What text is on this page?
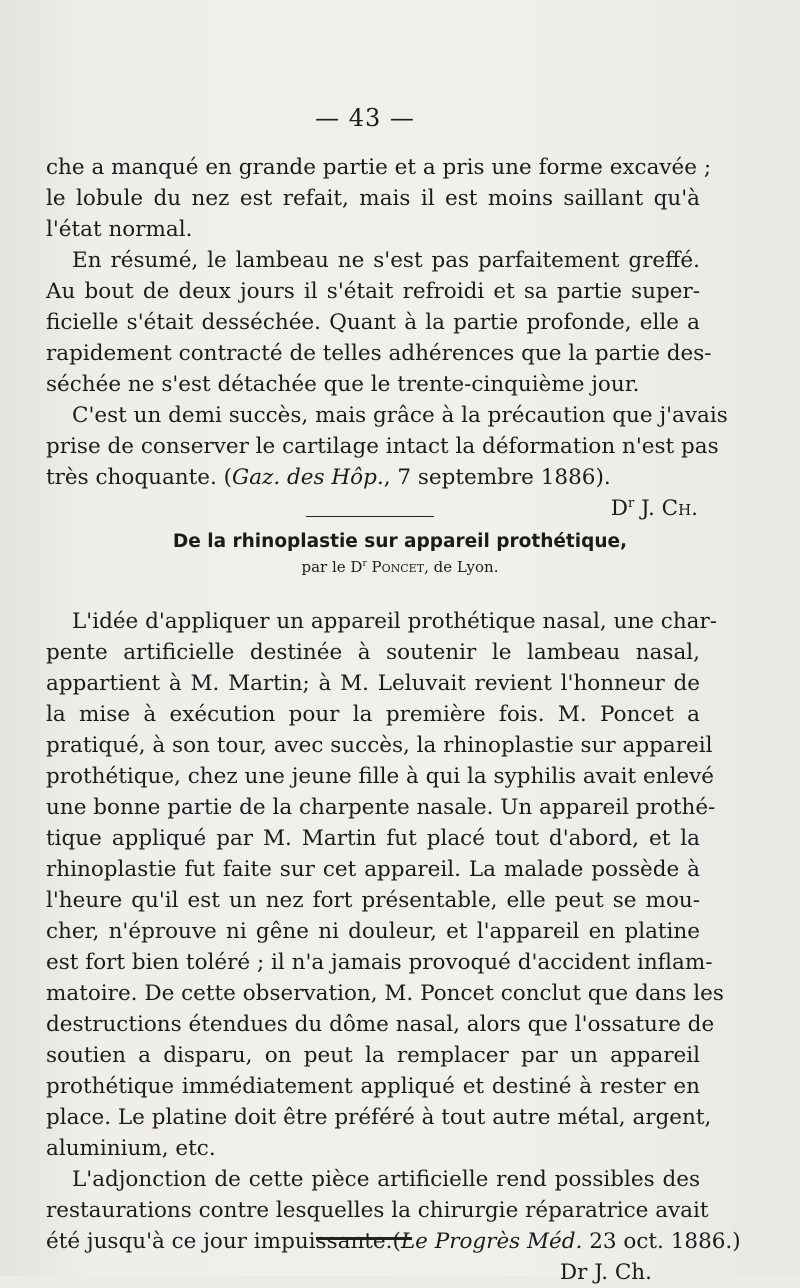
— 43 —
che a manqué en grande partie et a pris une forme excavée ;
le lobule du nez est refait, mais il est moins saillant qu'à
l'état normal.
En résumé, le lambeau ne s'est pas parfaitement greffé.
Au bout de deux jours il s'était refroidi et sa partie super-
ficielle s'était desséchée. Quant à la partie profonde, elle a
rapidement contracté de telles adhérences que la partie des-
séchée ne s'est détachée que le trente-cinquième jour.
C'est un demi succès, mais grâce à la précaution que j'avais
prise de conserver le cartilage intact la déformation n'est pas
très choquante. (Gaz. des Hôp., 7 septembre 1886).
$D^r$ J. Ch.
De la rhinoplastie sur appareil prothétique,
par le $D^r$ Poncet, de Lyon.
L'idée d'appliquer un appareil prothétique nasal, une char-
pente artificielle destinée à soutenir le lambeau nasal,
appartient à M. Martin; à M. Leluvait revient l'honneur de
la mise à exécution pour la première fois. M. Poncet a
pratiqué, à son tour, avec succès, la rhinoplastie sur appareil
prothétique, chez une jeune fille à qui la syphilis avait enlevé
une bonne partie de la charpente nasale. Un appareil prothé-
tique appliqué par M. Martin fut placé tout d'abord, et la
rhinoplastie fut faite sur cet appareil. La malade possède à
l'heure qu'il est un nez fort présentable, elle peut se mou-
cher, n'éprouve ni gêne ni douleur, et l'appareil en platine
est fort bien toléré ; il n'a jamais provoqué d'accident inflam-
matoire. De cette observation, M. Poncet conclut que dans les
destructions étendues du dôme nasal, alors que l'ossature de
soutien a disparu, on peut la remplacer par un appareil
prothétique immédiatement appliqué et destiné à rester en
place. Le platine doit être préféré à tout autre métal, argent,
aluminium, etc.
L'adjonction de cette pièce artificielle rend possibles des
restaurations contre lesquelles la chirurgie réparatrice avait
été jusqu'à ce jour impuissante.(Le Progrès Méd. 23 oct. 1886.)
Dr J. Ch.
